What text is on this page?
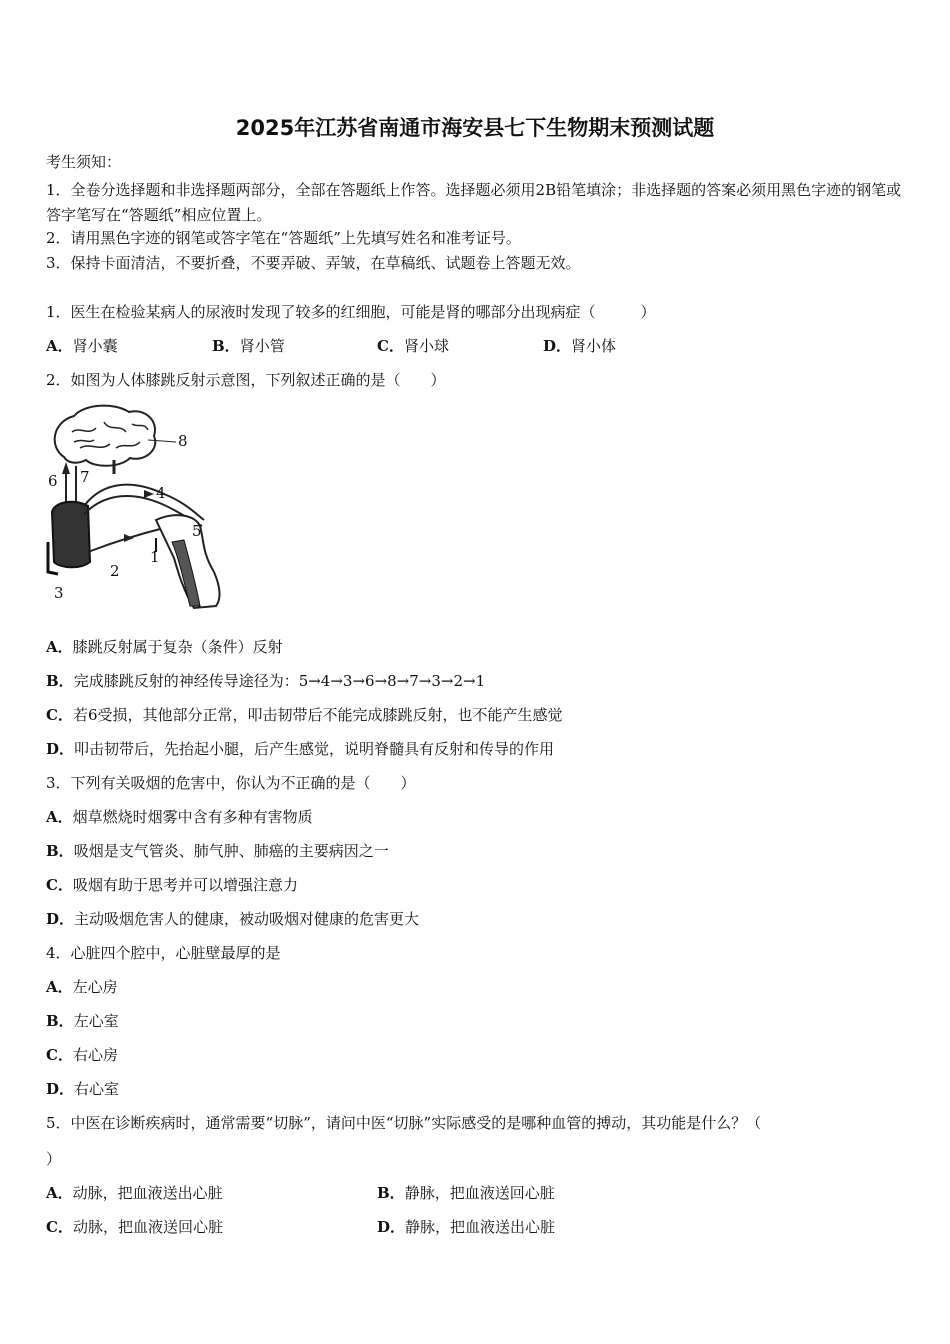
2025年江苏省南通市海安县七下生物期末预测试题
考生须知：
1．全卷分选择题和非选择题两部分，全部在答题纸上作答。选择题必须用2B铅笔填涂；非选择题的答案必须用黑色字迹的钢笔或答字笔写在“答题纸”相应位置上。
2．请用黑色字迹的钢笔或答字笔在“答题纸”上先填写姓名和准考证号。
3．保持卡面清洁，不要折叠，不要弄破、弄皱，在草稿纸、试题卷上答题无效。
1．医生在检验某病人的尿液时发现了较多的红细胞，可能是肾的哪部分出现病症（　　　）
A．肾小囊	B．肾小管	C．肾小球	D．肾小体
2．如图为人体膝跳反射示意图，下列叙述正确的是（　　）
8
7
6
4
5
1
2
3
A．膝跳反射属于复杂（条件）反射
B．完成膝跳反射的神经传导途径为：5→4→3→6→8→7→3→2→1
C．若6受损，其他部分正常，叩击韧带后不能完成膝跳反射，也不能产生感觉
D．叩击韧带后，先抬起小腿，后产生感觉，说明脊髓具有反射和传导的作用
3．下列有关吸烟的危害中，你认为不正确的是（　　）
A．烟草燃烧时烟雾中含有多种有害物质
B．吸烟是支气管炎、肺气肿、肺癌的主要病因之一
C．吸烟有助于思考并可以增强注意力
D．主动吸烟危害人的健康，被动吸烟对健康的危害更大
4．心脏四个腔中，心脏壁最厚的是
A．左心房
B．左心室
C．右心房
D．右心室
5．中医在诊断疾病时，通常需要“切脉”，请问中医“切脉”实际感受的是哪种血管的搏动，其功能是什么？（
）
A．动脉，把血液送出心脏	B．静脉，把血液送回心脏
C．动脉，把血液送回心脏	D．静脉，把血液送出心脏
